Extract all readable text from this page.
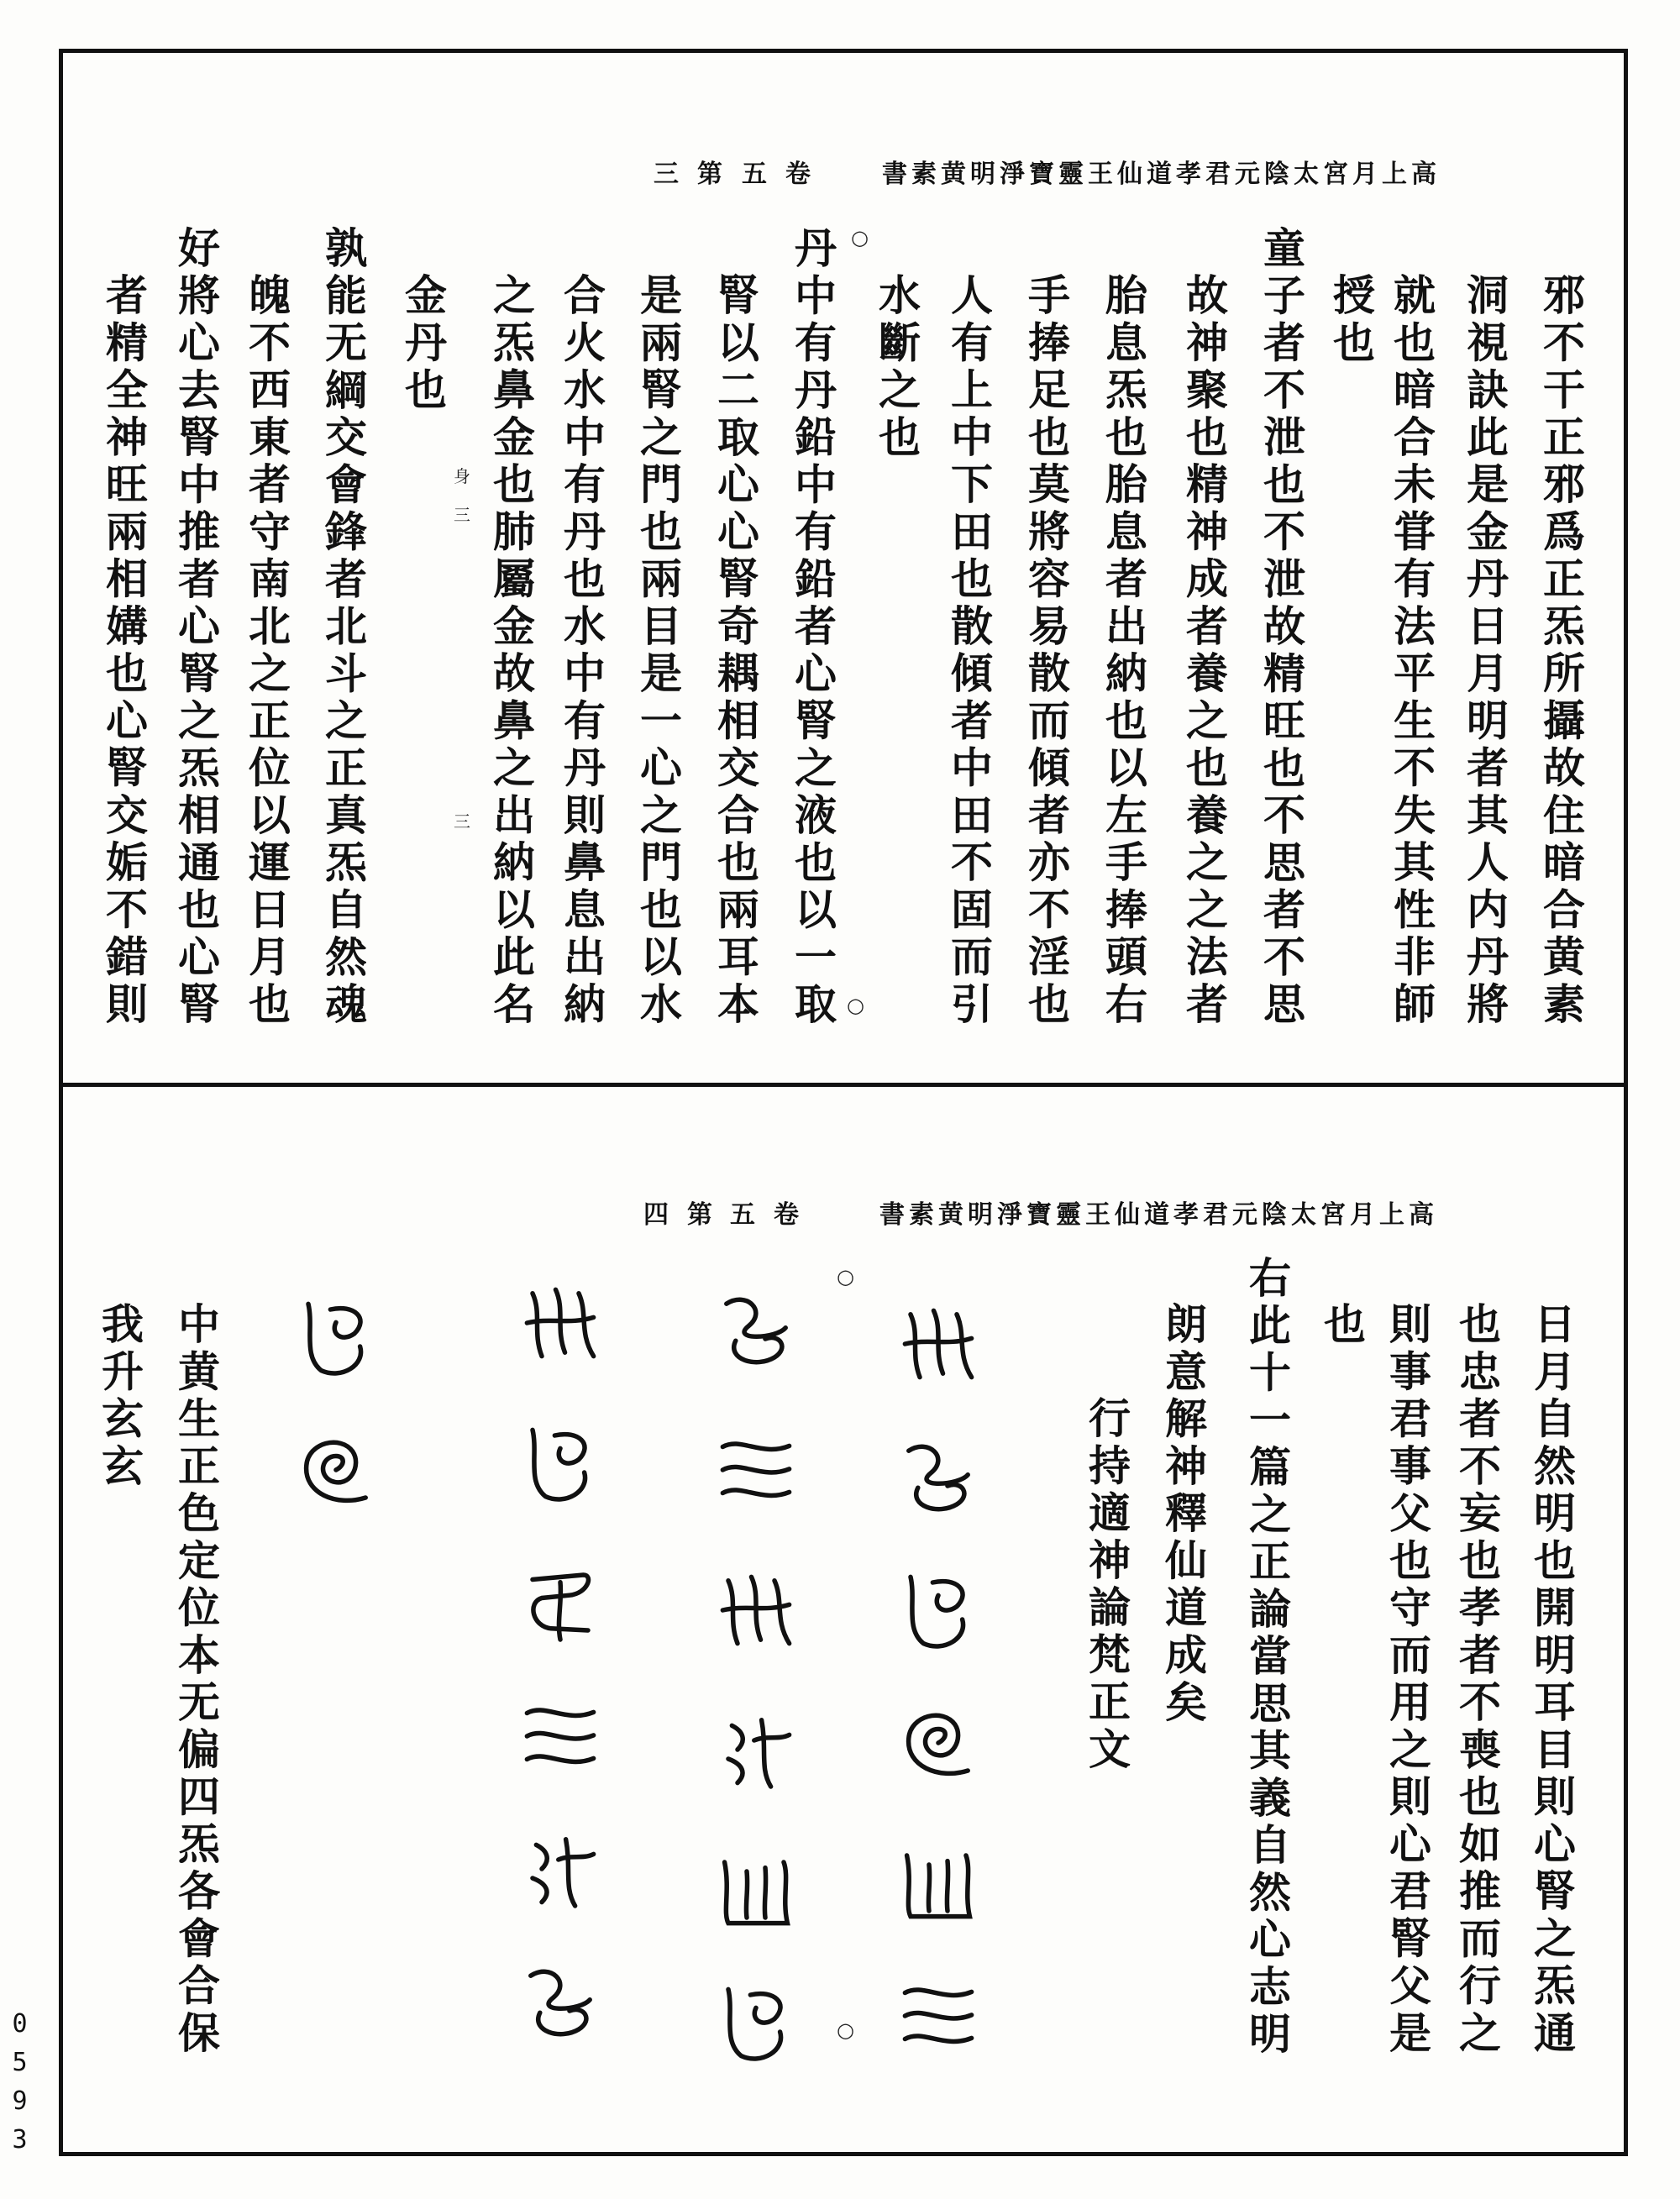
高上月宮太陰元君孝道仙王靈寶淨明黄素書
卷五
第三
邪不干正邪爲正炁所攝故住暗合黄素
洞視訣此是金丹日月明者其人内丹將
就也暗合未甞有法平生不失其性非師
授也
童子者不泄也不泄故精旺也不思者不思
故神聚也精神成者養之也養之之法者
胎息炁也胎息者出納也以左手捧頭右
手捧足也莫將容易散而傾者亦不淫也
人有上中下田也散傾者中田不固而引
水斷之也
丹中有丹鉛中有鉛者心腎之液也以一取
腎以二取心心腎奇耦相交合也兩耳本
是兩腎之門也兩目是一心之門也以水
合火水中有丹也水中有丹則鼻息出納
之炁鼻金也肺屬金故鼻之出納以此名
金丹也
孰能无綱交會鋒者北斗之正真炁自然魂
魄不西東者守南北之正位以運日月也
好將心去腎中推者心腎之炁相通也心腎
者精全神旺兩相媾也心腎交姤不錯則	身
三
三
○
○
高上月宮太陰元君孝道仙王靈寶淨明黄素書
卷五
第四
日月自然明也開明耳目則心腎之炁通
也忠者不妄也孝者不喪也如推而行之
則事君事父也守而用之則心君腎父是
也
右此十一篇之正論當思其義自然心志明
朗意解神釋仙道成矣
行持適神論梵正文
中黄生正色定位本无偏四炁各會合保
我升玄玄
○
○
0593
